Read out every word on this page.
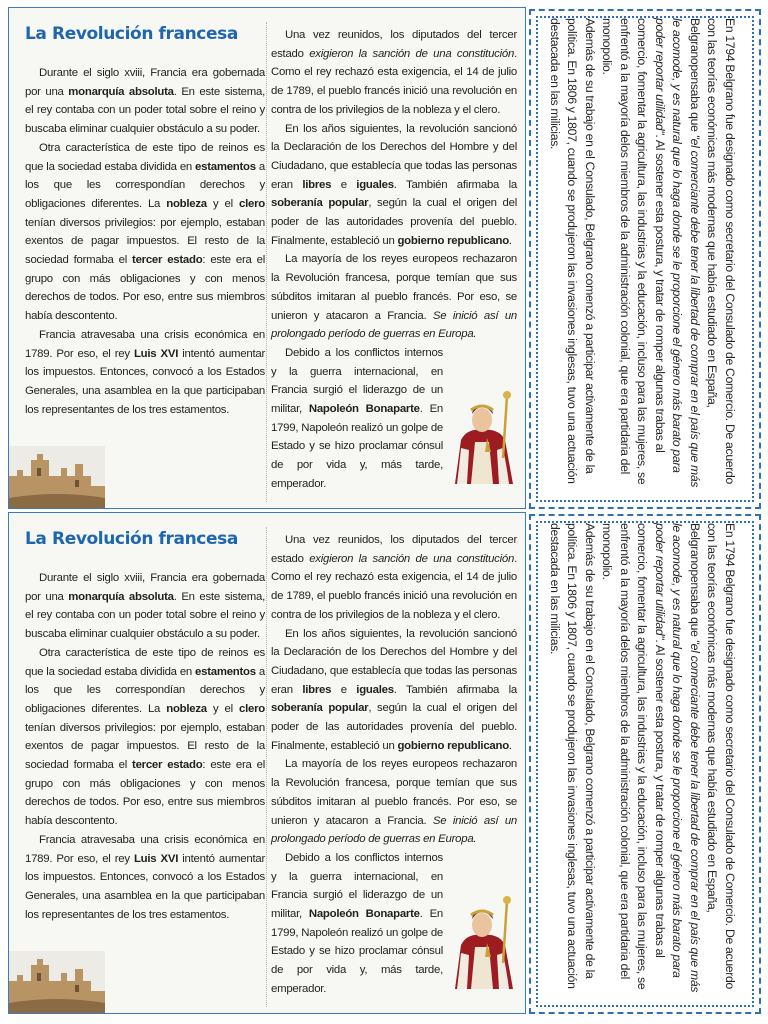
La Revolución francesa

Durante el siglo xviii, Francia era gobernada por una monarquía absoluta. En este sistema, el rey contaba con un poder total sobre el reino y buscaba eliminar cualquier obstáculo a su poder.

Otra característica de este tipo de reinos es que la sociedad estaba dividida en estamentos a los que les correspondían derechos y obligaciones diferentes. La nobleza y el clero tenían diversos privilegios: por ejemplo, estaban exentos de pagar impuestos. El resto de la sociedad formaba el tercer estado: este era el grupo con más obligaciones y con menos derechos de todos. Por eso, entre sus miembros había descontento.

Francia atravesaba una crisis económica en 1789. Por eso, el rey Luis XVI intentó aumentar los impuestos. Entonces, convocó a los Estados Generales, una asamblea en la que participaban los representantes de los tres estamentos.

Una vez reunidos, los diputados del tercer estado exigieron la sanción de una constitución. Como el rey rechazó esta exigencia, el 14 de julio de 1789, el pueblo francés inició una revolución en contra de los privilegios de la nobleza y el clero.

En los años siguientes, la revolución sancionó la Declaración de los Derechos del Hombre y del Ciudadano, que establecía que todas las personas eran libres e iguales. También afirmaba la soberanía popular, según la cual el origen del poder de las autoridades provenía del pueblo. Finalmente, estableció un gobierno republicano.

La mayoría de los reyes europeos rechazaron la Revolución francesa, porque temían que sus súbditos imitaran al pueblo francés. Por eso, se unieron y atacaron a Francia. Se inició así un prolongado período de guerras en Europa.

Debido a los conflictos internos y la guerra internacional, en Francia surgió el liderazgo de un militar, Napoleón Bonaparte. En 1799, Napoleón realizó un golpe de Estado y se hizo proclamar cónsul de por vida y, más tarde, emperador.

La Revolución francesa

Durante el siglo xviii, Francia era gobernada por una monarquía absoluta. En este sistema, el rey contaba con un poder total sobre el reino y buscaba eliminar cualquier obstáculo a su poder.

Otra característica de este tipo de reinos es que la sociedad estaba dividida en estamentos a los que les correspondían derechos y obligaciones diferentes. La nobleza y el clero tenían diversos privilegios: por ejemplo, estaban exentos de pagar impuestos. El resto de la sociedad formaba el tercer estado: este era el grupo con más obligaciones y con menos derechos de todos. Por eso, entre sus miembros había descontento.

Francia atravesaba una crisis económica en 1789. Por eso, el rey Luis XVI intentó aumentar los impuestos. Entonces, convocó a los Estados Generales, una asamblea en la que participaban los representantes de los tres estamentos.

Una vez reunidos, los diputados del tercer estado exigieron la sanción de una constitución. Como el rey rechazó esta exigencia, el 14 de julio de 1789, el pueblo francés inició una revolución en contra de los privilegios de la nobleza y el clero.

En los años siguientes, la revolución sancionó la Declaración de los Derechos del Hombre y del Ciudadano, que establecía que todas las personas eran libres e iguales. También afirmaba la soberanía popular, según la cual el origen del poder de las autoridades provenía del pueblo. Finalmente, estableció un gobierno republicano.

La mayoría de los reyes europeos rechazaron la Revolución francesa, porque temían que sus súbditos imitaran al pueblo francés. Por eso, se unieron y atacaron a Francia. Se inició así un prolongado período de guerras en Europa.

Debido a los conflictos internos y la guerra internacional, en Francia surgió el liderazgo de un militar, Napoleón Bonaparte. En 1799, Napoleón realizó un golpe de Estado y se hizo proclamar cónsul de por vida y, más tarde, emperador.

En 1794 Belgrano fue designado como secretario del Consulado de Comercio. De acuerdo con las teorías económicas más modernas que había estudiado en España, Belgranopensaba que "el comerciante debe tener la libertad de comprar en el país que más le acomode, y es natural que lo haga donde se le proporcione el género más barato para poder reportar utilidad". Al sostener esta postura, y tratar de romper algunas trabas al comercio, fomentar la agricultura, las industrias y la educación, incluso para las mujeres, se enfrentó a la mayoría delos miembros de la administración colonial, que era partidaria del monopolio.

Además de su trabajo en el Consulado, Belgrano comenzó a participar activamente de la política. En 1806 y 1807, cuando se produjeron las invasiones inglesas, tuvo una actuación destacada en las milicias.

En 1794 Belgrano fue designado como secretario del Consulado de Comercio. De acuerdo con las teorías económicas más modernas que había estudiado en España, Belgranopensaba que "el comerciante debe tener la libertad de comprar en el país que más le acomode, y es natural que lo haga donde se le proporcione el género más barato para poder reportar utilidad". Al sostener esta postura, y tratar de romper algunas trabas al comercio, fomentar la agricultura, las industrias y la educación, incluso para las mujeres, se enfrentó a la mayoría delos miembros de la administración colonial, que era partidaria del monopolio.

Además de su trabajo en el Consulado, Belgrano comenzó a participar activamente de la política. En 1806 y 1807, cuando se produjeron las invasiones inglesas, tuvo una actuación destacada en las milicias.
